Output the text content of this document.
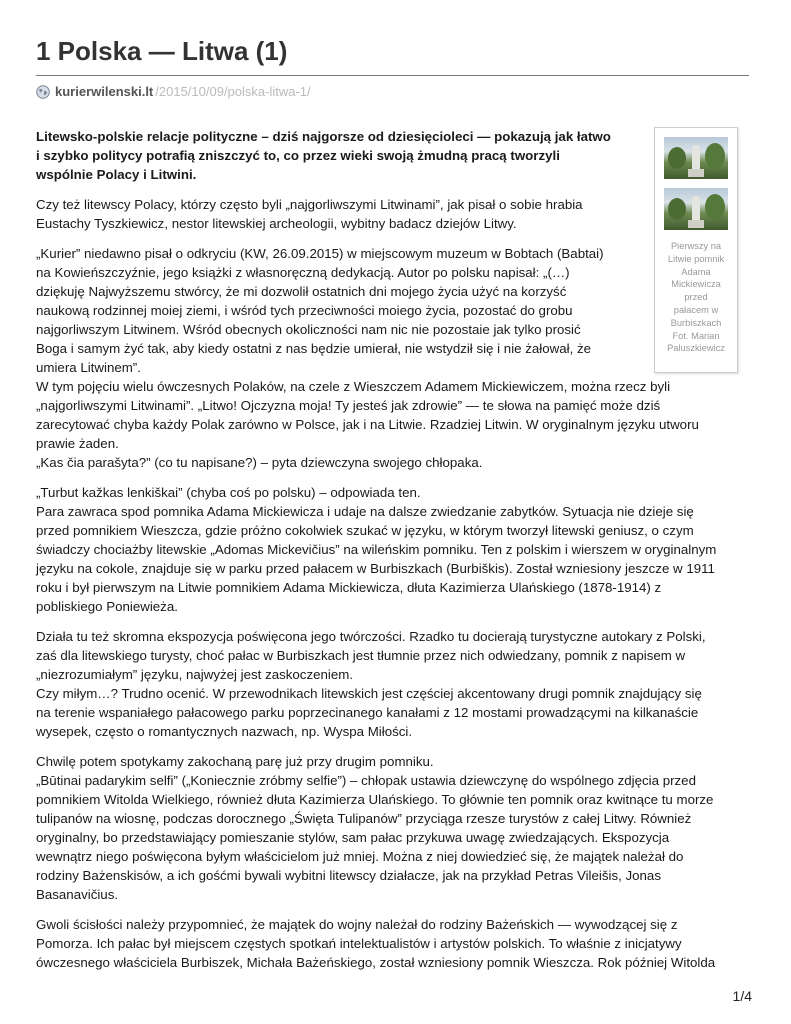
1 Polska — Litwa (1)
kurierwilenski.lt /2015/10/09/polska-litwa-1/
Pierwszy na
Litwie pomnik
Adama
Mickiewicza
przed
pałacem w
Burbiszkach
Fot. Marian
Paluszkiewicz

Litewsko-polskie relacje polityczne – dziś najgorsze od dziesięcioleci — pokazują jak łatwo
i szybko politycy potrafią zniszczyć to, co przez wieki swoją żmudną pracą tworzyli
wspólnie Polacy i Litwini.

Czy też litewscy Polacy, którzy często byli „najgorliwszymi Litwinami”, jak pisał o sobie hrabia
Eustachy Tyszkiewicz, nestor litewskiej archeologii, wybitny badacz dziejów Litwy.

„Kurier” niedawno pisał o odkryciu (KW, 26.09.2015) w miejscowym muzeum w Bobtach (Babtai)
na Kowieńszczyźnie, jego książki z własnoręczną dedykacją. Autor po polsku napisał: „(…)
dziękuję Najwyższemu stwórcy, że mi dozwolił ostatnich dni mojego życia użyć na korzyść
naukową rodzinnej moiej ziemi, i wśród tych przeciwności moiego życia, pozostać do grobu
najgorliwszym Litwinem. Wśród obecnych okoliczności nam nic nie pozostaie jak tylko prosić
Boga i samym żyć tak, aby kiedy ostatni z nas będzie umierał, nie wstydził się i nie żałował, że
umiera Litwinem”.
W tym pojęciu wielu ówczesnych Polaków, na czele z Wieszczem Adamem Mickiewiczem, można rzecz byli
„najgorliwszymi Litwinami”. „Litwo! Ojczyzna moja! Ty jesteś jak zdrowie” — te słowa na pamięć może dziś
zarecytować chyba każdy Polak zarówno w Polsce, jak i na Litwie. Rzadziej Litwin. W oryginalnym języku utworu
prawie żaden.
„Kas čia parašyta?” (co tu napisane?) – pyta dziewczyna swojego chłopaka.

„Turbut kažkas lenkiškai” (chyba coś po polsku) – odpowiada ten.
Para zawraca spod pomnika Adama Mickiewicza i udaje na dalsze zwiedzanie zabytków. Sytuacja nie dzieje się
przed pomnikiem Wieszcza, gdzie próżno cokolwiek szukać w języku, w którym tworzył litewski geniusz, o czym
świadczy chociażby litewskie „Adomas Mickevičius” na wileńskim pomniku. Ten z polskim i wierszem w oryginalnym
języku na cokole, znajduje się w parku przed pałacem w Burbiszkach (Burbiškis). Został wzniesiony jeszcze w 1911
roku i był pierwszym na Litwie pomnikiem Adama Mickiewicza, dłuta Kazimierza Ulańskiego (1878-1914) z
pobliskiego Poniewieża.

Działa tu też skromna ekspozycja poświęcona jego twórczości. Rzadko tu docierają turystyczne autokary z Polski,
zaś dla litewskiego turysty, choć pałac w Burbiszkach jest tłumnie przez nich odwiedzany, pomnik z napisem w
„niezrozumiałym” języku, najwyżej jest zaskoczeniem.
Czy miłym…? Trudno ocenić. W przewodnikach litewskich jest częściej akcentowany drugi pomnik znajdujący się
na terenie wspaniałego pałacowego parku poprzecinanego kanałami z 12 mostami prowadzącymi na kilkanaście
wysepek, często o romantycznych nazwach, np. Wyspa Miłości.

Chwilę potem spotykamy zakochaną parę już przy drugim pomniku.
„Būtinai padarykim selfi” („Koniecznie zróbmy selfie”) – chłopak ustawia dziewczynę do wspólnego zdjęcia przed
pomnikiem Witolda Wielkiego, również dłuta Kazimierza Ulańskiego. To głównie ten pomnik oraz kwitnące tu morze
tulipanów na wiosnę, podczas dorocznego „Święta Tulipanów” przyciąga rzesze turystów z całej Litwy. Również
oryginalny, bo przedstawiający pomieszanie stylów, sam pałac przykuwa uwagę zwiedzających. Ekspozycja
wewnątrz niego poświęcona byłym właścicielom już mniej. Można z niej dowiedzieć się, że majątek należał do
rodziny Bażenskisów, a ich gośćmi bywali wybitni litewscy działacze, jak na przykład Petras Vileišis, Jonas
Basanavičius.

Gwoli ścisłości należy przypomnieć, że majątek do wojny należał do rodziny Bażeńskich — wywodzącej się z
Pomorza. Ich pałac był miejscem częstych spotkań intelektualistów i artystów polskich. To właśnie z inicjatywy
ówczesnego właściciela Burbiszek, Michała Bażeńskiego, został wzniesiony pomnik Wieszcza. Rok później Witolda

1/4
